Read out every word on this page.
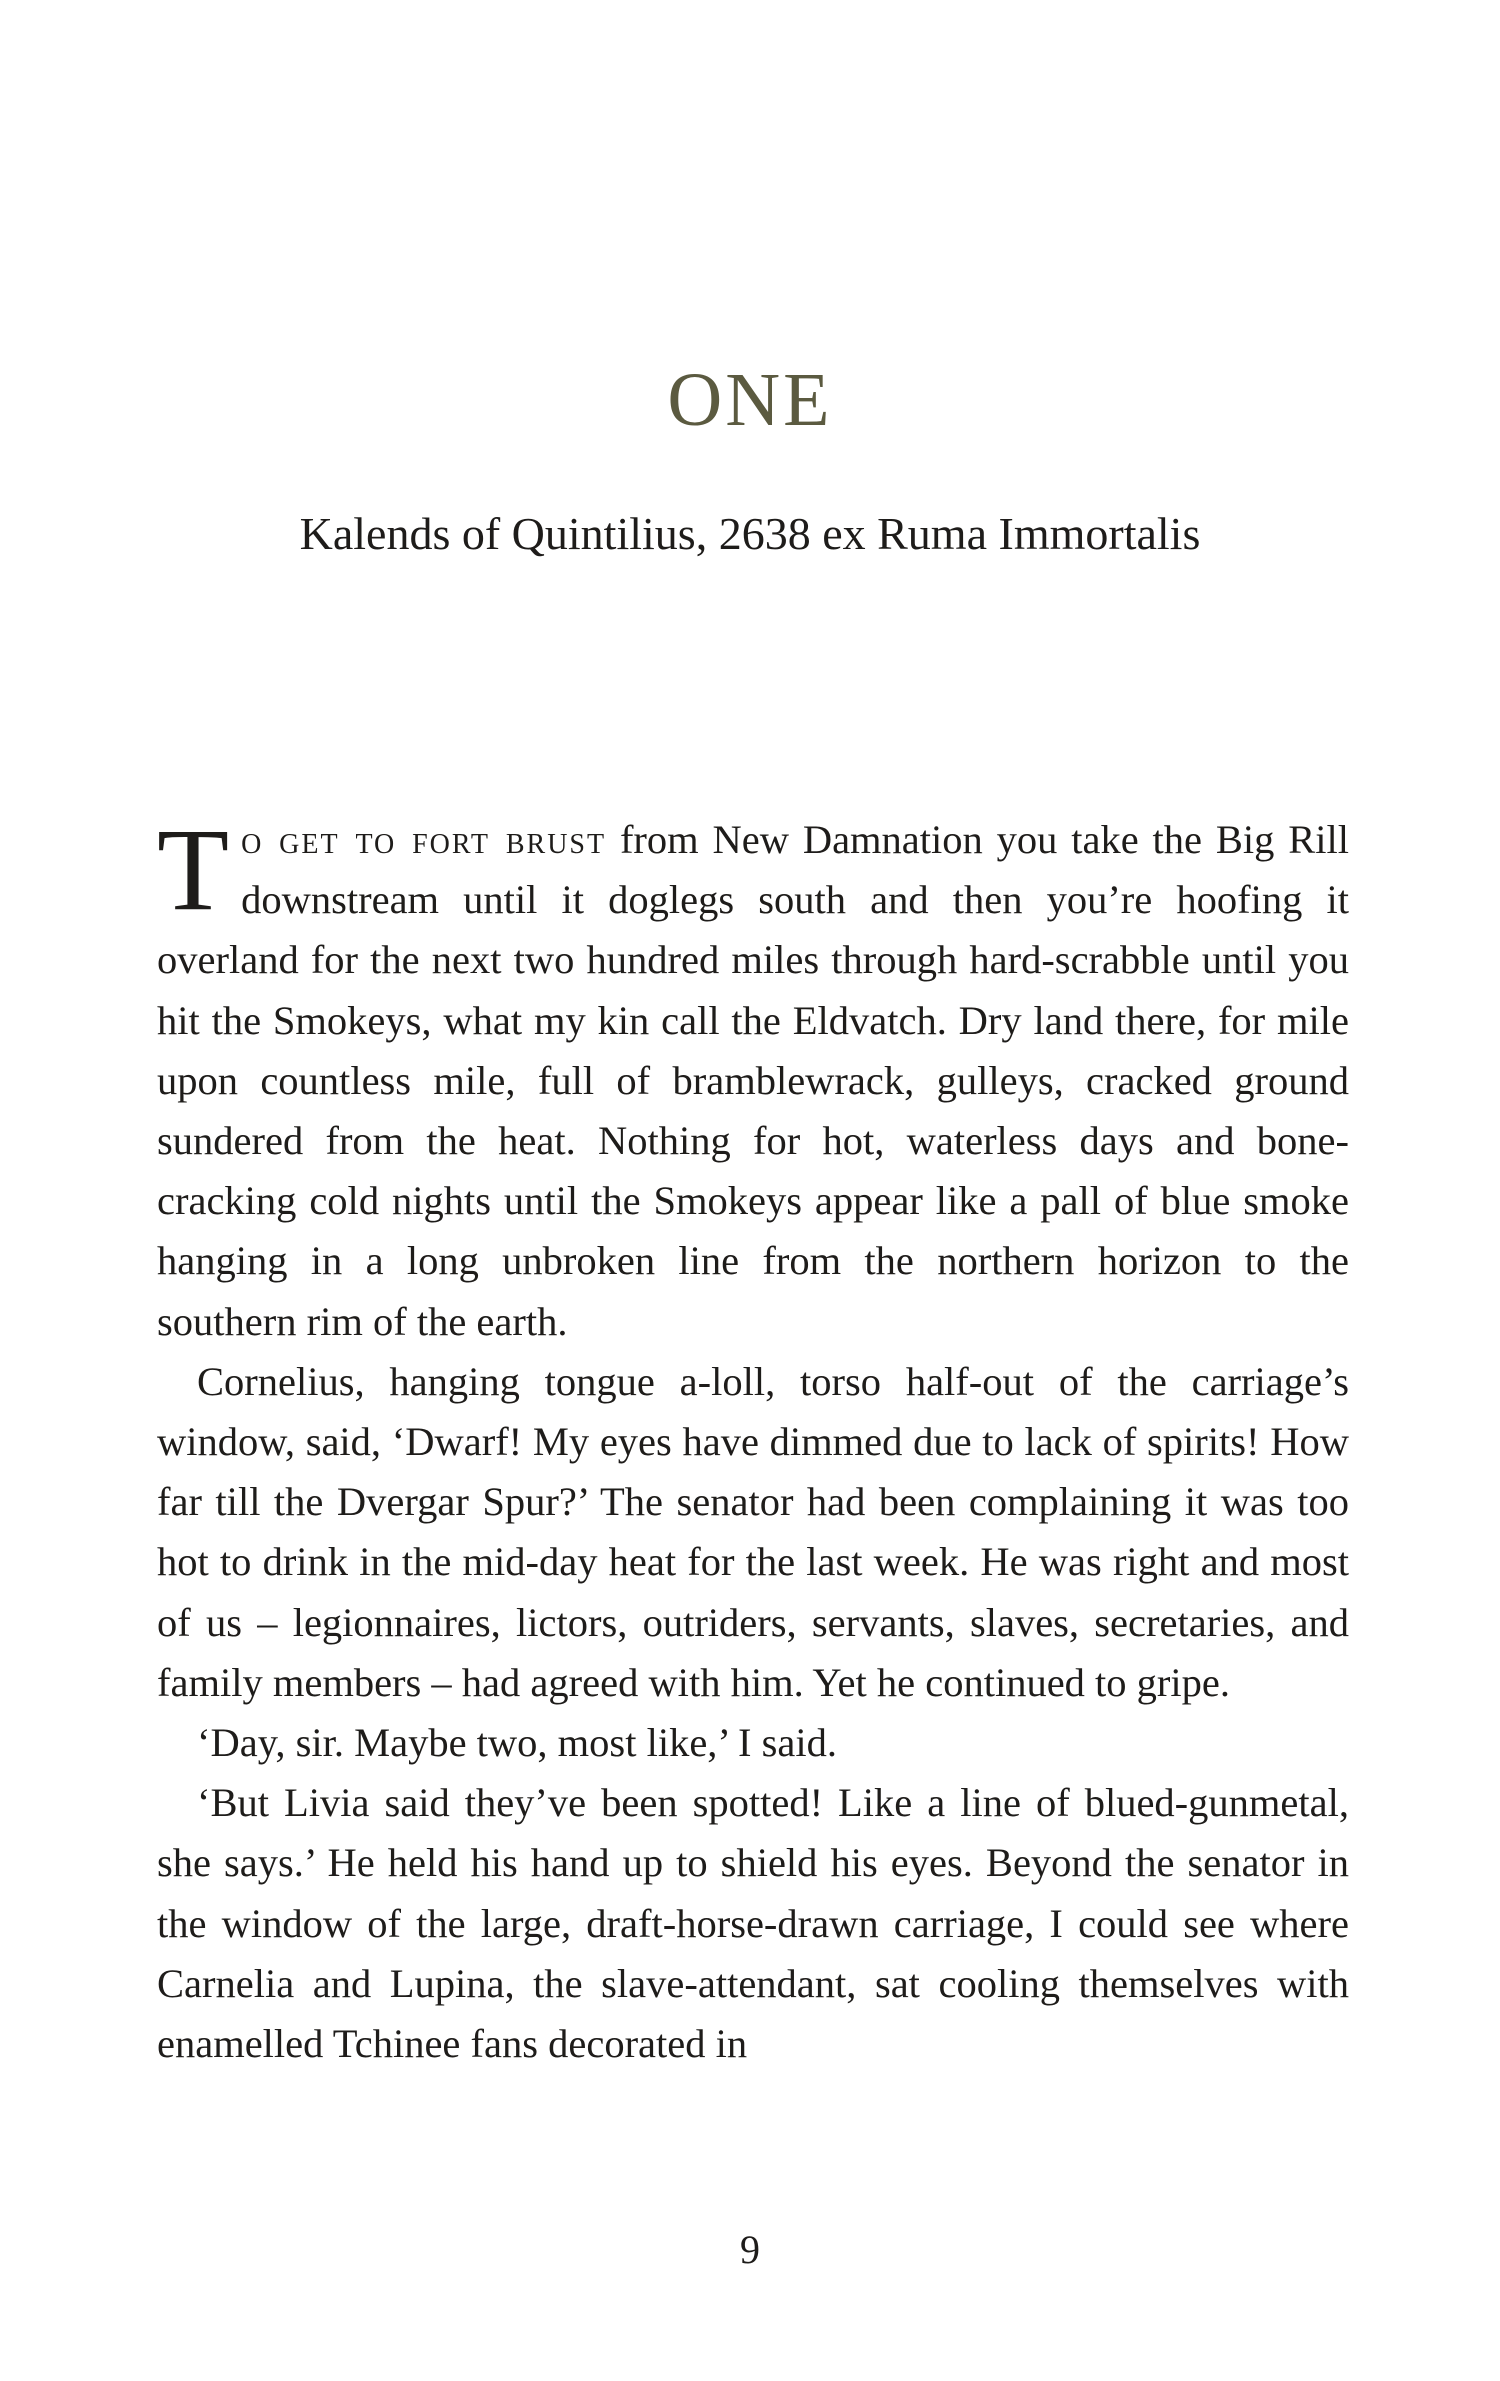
ONE
Kalends of Quintilius, 2638 ex Ruma Immortalis

To get to fort brust from New Damnation you take the Big Rill downstream until it doglegs south and then you’re hoofing it overland for the next two hundred miles through hard-scrabble until you hit the Smokeys, what my kin call the Eldvatch. Dry land there, for mile upon countless mile, full of bramblewrack, gulleys, cracked ground sundered from the heat. Nothing for hot, waterless days and bone-cracking cold nights until the Smokeys appear like a pall of blue smoke hanging in a long unbroken line from the northern horizon to the southern rim of the earth.

Cornelius, hanging tongue a-loll, torso half-out of the carriage’s window, said, ‘Dwarf! My eyes have dimmed due to lack of spirits! How far till the Dvergar Spur?’ The senator had been complaining it was too hot to drink in the mid-day heat for the last week. He was right and most of us – legionnaires, lictors, outriders, servants, slaves, secretaries, and family members – had agreed with him. Yet he continued to gripe.

‘Day, sir. Maybe two, most like,’ I said.

‘But Livia said they’ve been spotted! Like a line of blued-gunmetal, she says.’ He held his hand up to shield his eyes. Beyond the senator in the window of the large, draft-horse-drawn carriage, I could see where Carnelia and Lupina, the slave-attendant, sat cooling themselves with enamelled Tchinee fans decorated in

9
